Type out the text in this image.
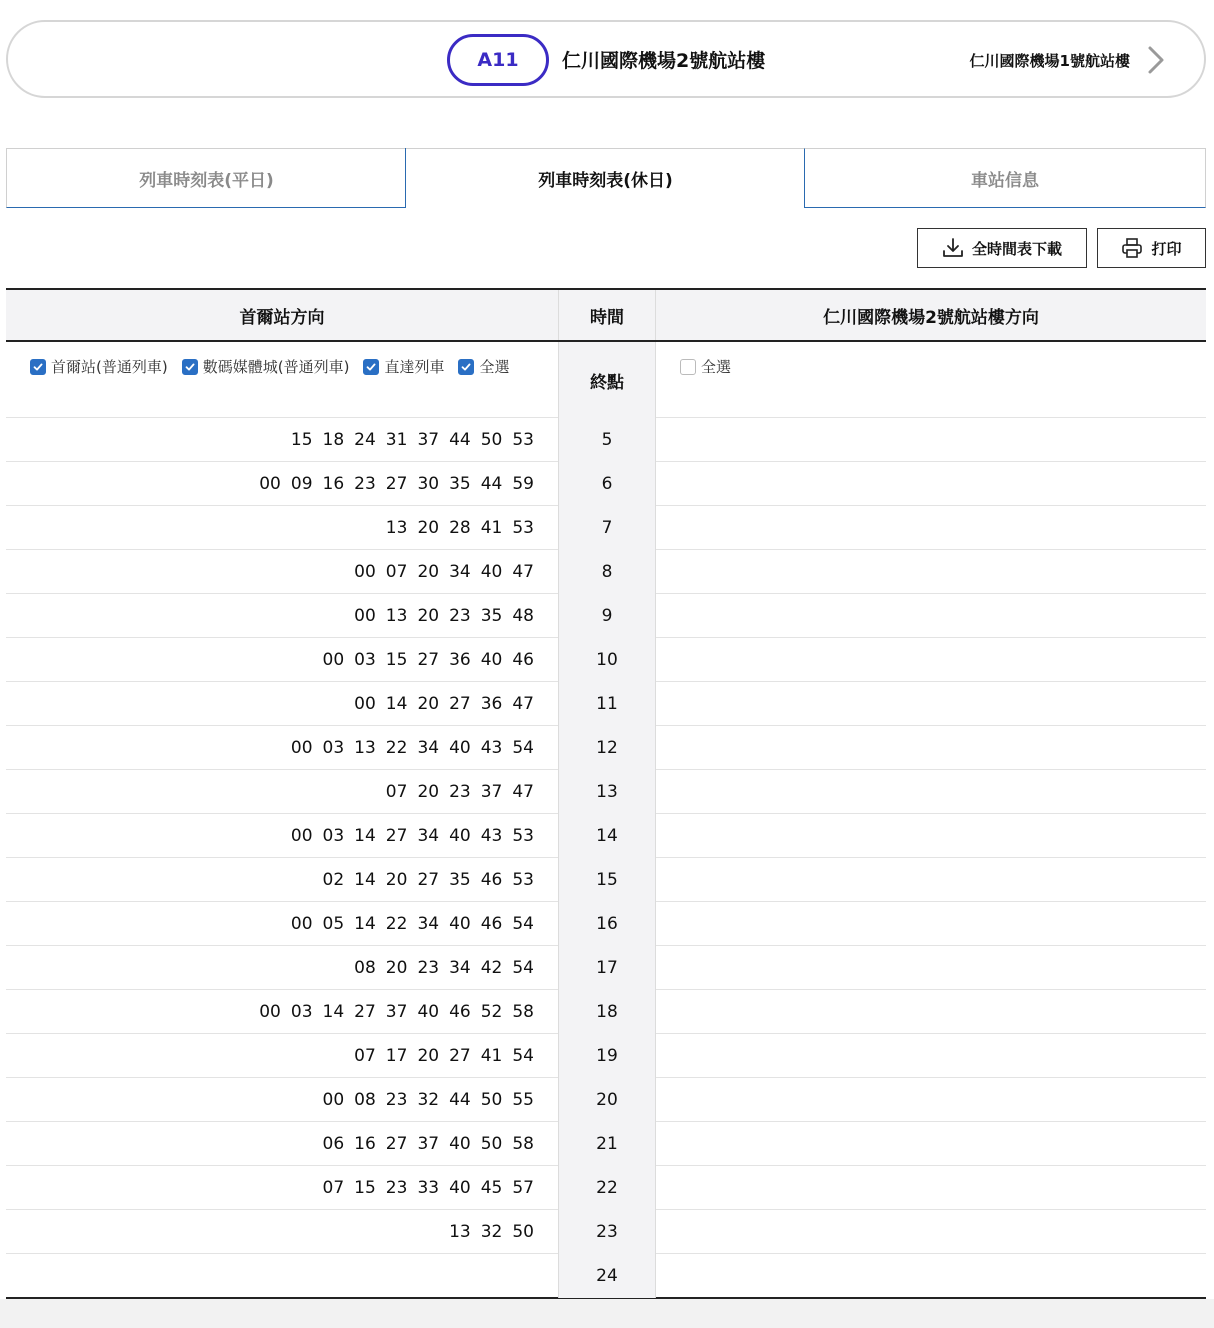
A11	仁川國際機場2號航站樓	仁川國際機場1號航站樓
列車時刻表(平日)	列車時刻表(休日)	車站信息
全時間表下載	打印
首爾站方向	時間	仁川國際機場2號航站樓方向
首爾站(普通列車) 數碼媒體城(普通列車) 直達列車 全選
終點
全選
15 18 24 31 37 44 50 53	5
00 09 16 23 27 30 35 44 59	6
13 20 28 41 53	7
00 07 20 34 40 47	8
00 13 20 23 35 48	9
00 03 15 27 36 40 46	10
00 14 20 27 36 47	11
00 03 13 22 34 40 43 54	12
07 20 23 37 47	13
00 03 14 27 34 40 43 53	14
02 14 20 27 35 46 53	15
00 05 14 22 34 40 46 54	16
08 20 23 34 42 54	17
00 03 14 27 37 40 46 52 58	18
07 17 20 27 41 54	19
00 08 23 32 44 50 55	20
06 16 27 37 40 50 58	21
07 15 23 33 40 45 57	22
13 32 50	23
24
